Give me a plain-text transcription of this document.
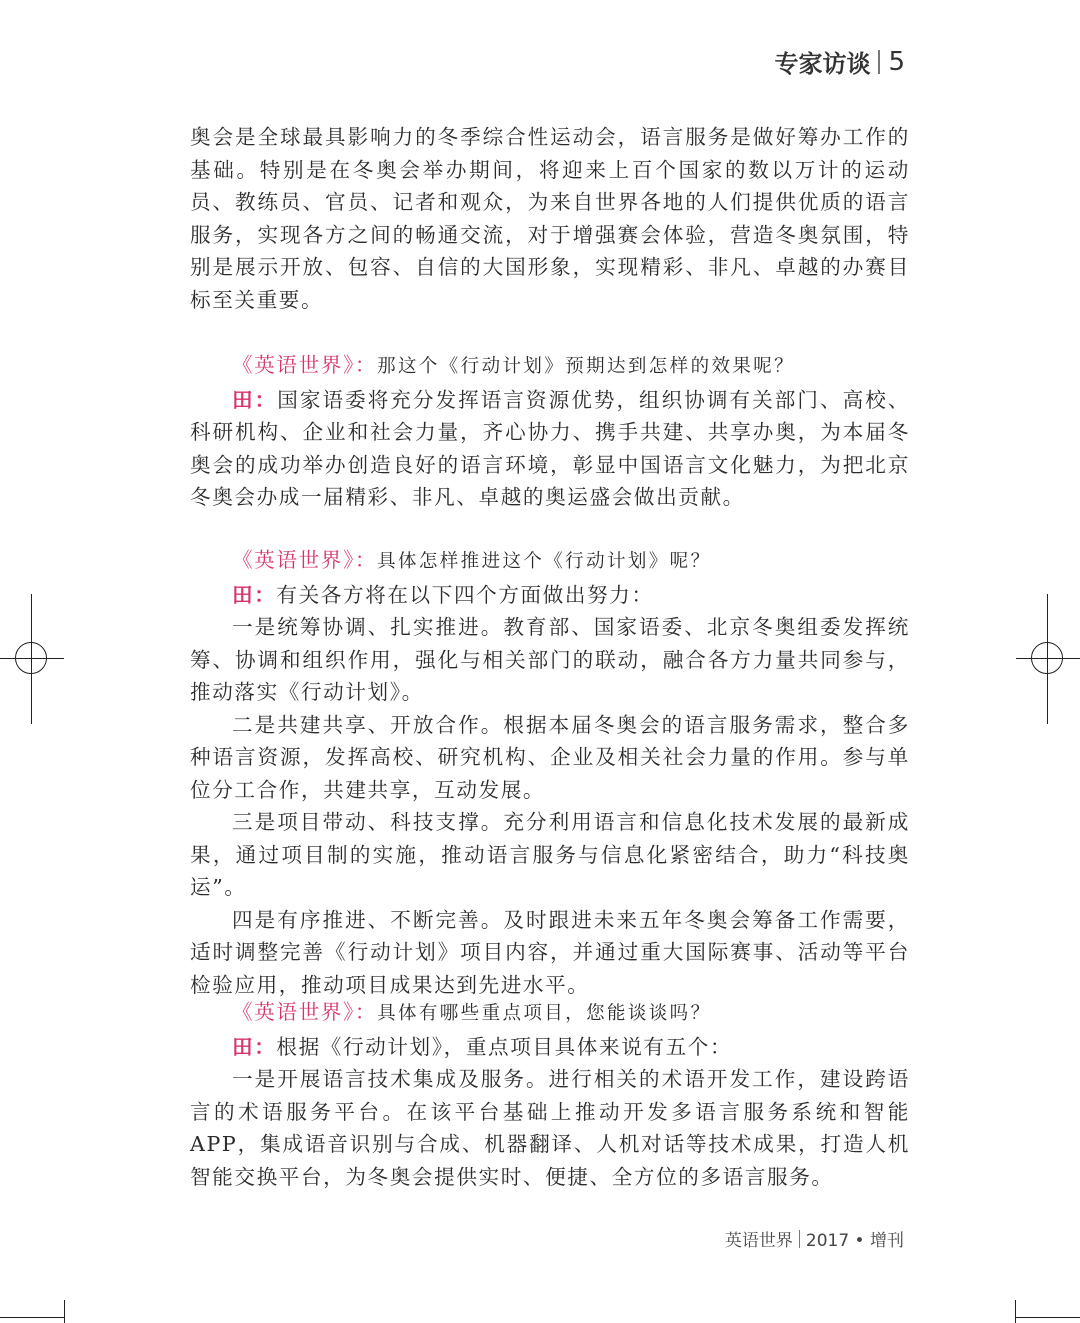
专家访谈 5

奥会是全球最具影响力的冬季综合性运动会，语言服务是做好筹办工作的基础。特别是在冬奥会举办期间，将迎来上百个国家的数以万计的运动员、教练员、官员、记者和观众，为来自世界各地的人们提供优质的语言服务，实现各方之间的畅通交流，对于增强赛会体验，营造冬奥氛围，特别是展示开放、包容、自信的大国形象，实现精彩、非凡、卓越的办赛目标至关重要。

《英语世界》：那这个《行动计划》预期达到怎样的效果呢？

田：国家语委将充分发挥语言资源优势，组织协调有关部门、高校、科研机构、企业和社会力量，齐心协力、携手共建、共享办奥，为本届冬奥会的成功举办创造良好的语言环境，彰显中国语言文化魅力，为把北京冬奥会办成一届精彩、非凡、卓越的奥运盛会做出贡献。

《英语世界》：具体怎样推进这个《行动计划》呢？

田：有关各方将在以下四个方面做出努力：

一是统筹协调、扎实推进。教育部、国家语委、北京冬奥组委发挥统筹、协调和组织作用，强化与相关部门的联动，融合各方力量共同参与，推动落实《行动计划》。

二是共建共享、开放合作。根据本届冬奥会的语言服务需求，整合多种语言资源，发挥高校、研究机构、企业及相关社会力量的作用。参与单位分工合作，共建共享，互动发展。

三是项目带动、科技支撑。充分利用语言和信息化技术发展的最新成果，通过项目制的实施，推动语言服务与信息化紧密结合，助力“科技奥运”。

四是有序推进、不断完善。及时跟进未来五年冬奥会筹备工作需要，适时调整完善《行动计划》项目内容，并通过重大国际赛事、活动等平台检验应用，推动项目成果达到先进水平。

《英语世界》：具体有哪些重点项目，您能谈谈吗？

田：根据《行动计划》，重点项目具体来说有五个：

一是开展语言技术集成及服务。进行相关的术语开发工作，建设跨语言的术语服务平台。在该平台基础上推动开发多语言服务系统和智能APP，集成语音识别与合成、机器翻译、人机对话等技术成果，打造人机智能交换平台，为冬奥会提供实时、便捷、全方位的多语言服务。

英语世界 2017 • 增刊
